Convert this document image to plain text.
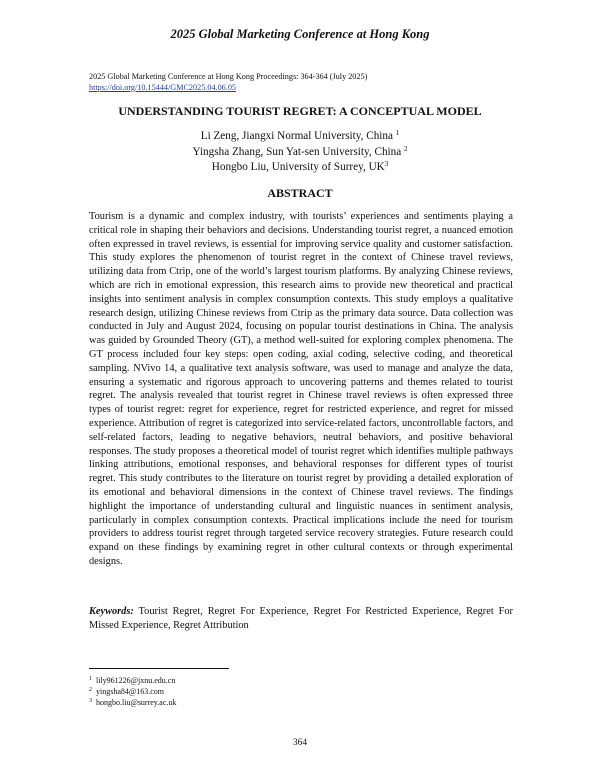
2025 Global Marketing Conference at Hong Kong
2025 Global Marketing Conference at Hong Kong Proceedings: 364-364 (July 2025)
https://doi.org/10.15444/GMC2025.04.06.05
UNDERSTANDING TOURIST REGRET: A CONCEPTUAL MODEL
Li Zeng, Jiangxi Normal University, China $^1$
Yingsha Zhang, Sun Yat-sen University, China $^2$
Hongbo Liu, University of Surrey, $UK^3$
ABSTRACT

Tourism is a dynamic and complex industry, with tourists’ experiences and sentiments playing a critical role in shaping their behaviors and decisions. Understanding tourist regret, a nuanced emotion often expressed in travel reviews, is essential for improving service quality and customer satisfaction. This study explores the phenomenon of tourist regret in the context of Chinese travel reviews, utilizing data from Ctrip, one of the world’s largest tourism platforms. By analyzing Chinese reviews, which are rich in emotional expression, this research aims to provide new theoretical and practical insights into sentiment analysis in complex consumption contexts. This study employs a qualitative research design, utilizing Chinese reviews from Ctrip as the primary data source. Data collection was conducted in July and August 2024, focusing on popular tourist destinations in China. The analysis was guided by Grounded Theory (GT), a method well-suited for exploring complex phenomena. The GT process included four key steps: open coding, axial coding, selective coding, and theoretical sampling. NVivo 14, a qualitative text analysis software, was used to manage and analyze the data, ensuring a systematic and rigorous approach to uncovering patterns and themes related to tourist regret. The analysis revealed that tourist regret in Chinese travel reviews is often expressed three types of tourist regret: regret for experience, regret for restricted experience, and regret for missed experience. Attribution of regret is categorized into service-related factors, uncontrollable factors, and self-related factors, leading to negative behaviors, neutral behaviors, and positive behavioral responses. The study proposes a theoretical model of tourist regret which identifies multiple pathways linking attributions, emotional responses, and behavioral responses for different types of tourist regret. This study contributes to the literature on tourist regret by providing a detailed exploration of its emotional and behavioral dimensions in the context of Chinese travel reviews. The findings highlight the importance of understanding cultural and linguistic nuances in sentiment analysis, particularly in complex consumption contexts. Practical implications include the need for tourism providers to address tourist regret through targeted service recovery strategies. Future research could expand on these findings by examining regret in other cultural contexts or through experimental designs.

Keywords: Tourist Regret, Regret For Experience, Regret For Restricted Experience, Regret For Missed Experience, Regret Attribution

$^1$ lily961226@jxnu.edu.cn
$^2$ yingsha84@163.com
$^3$ hongbo.liu@surrey.ac.uk
364
